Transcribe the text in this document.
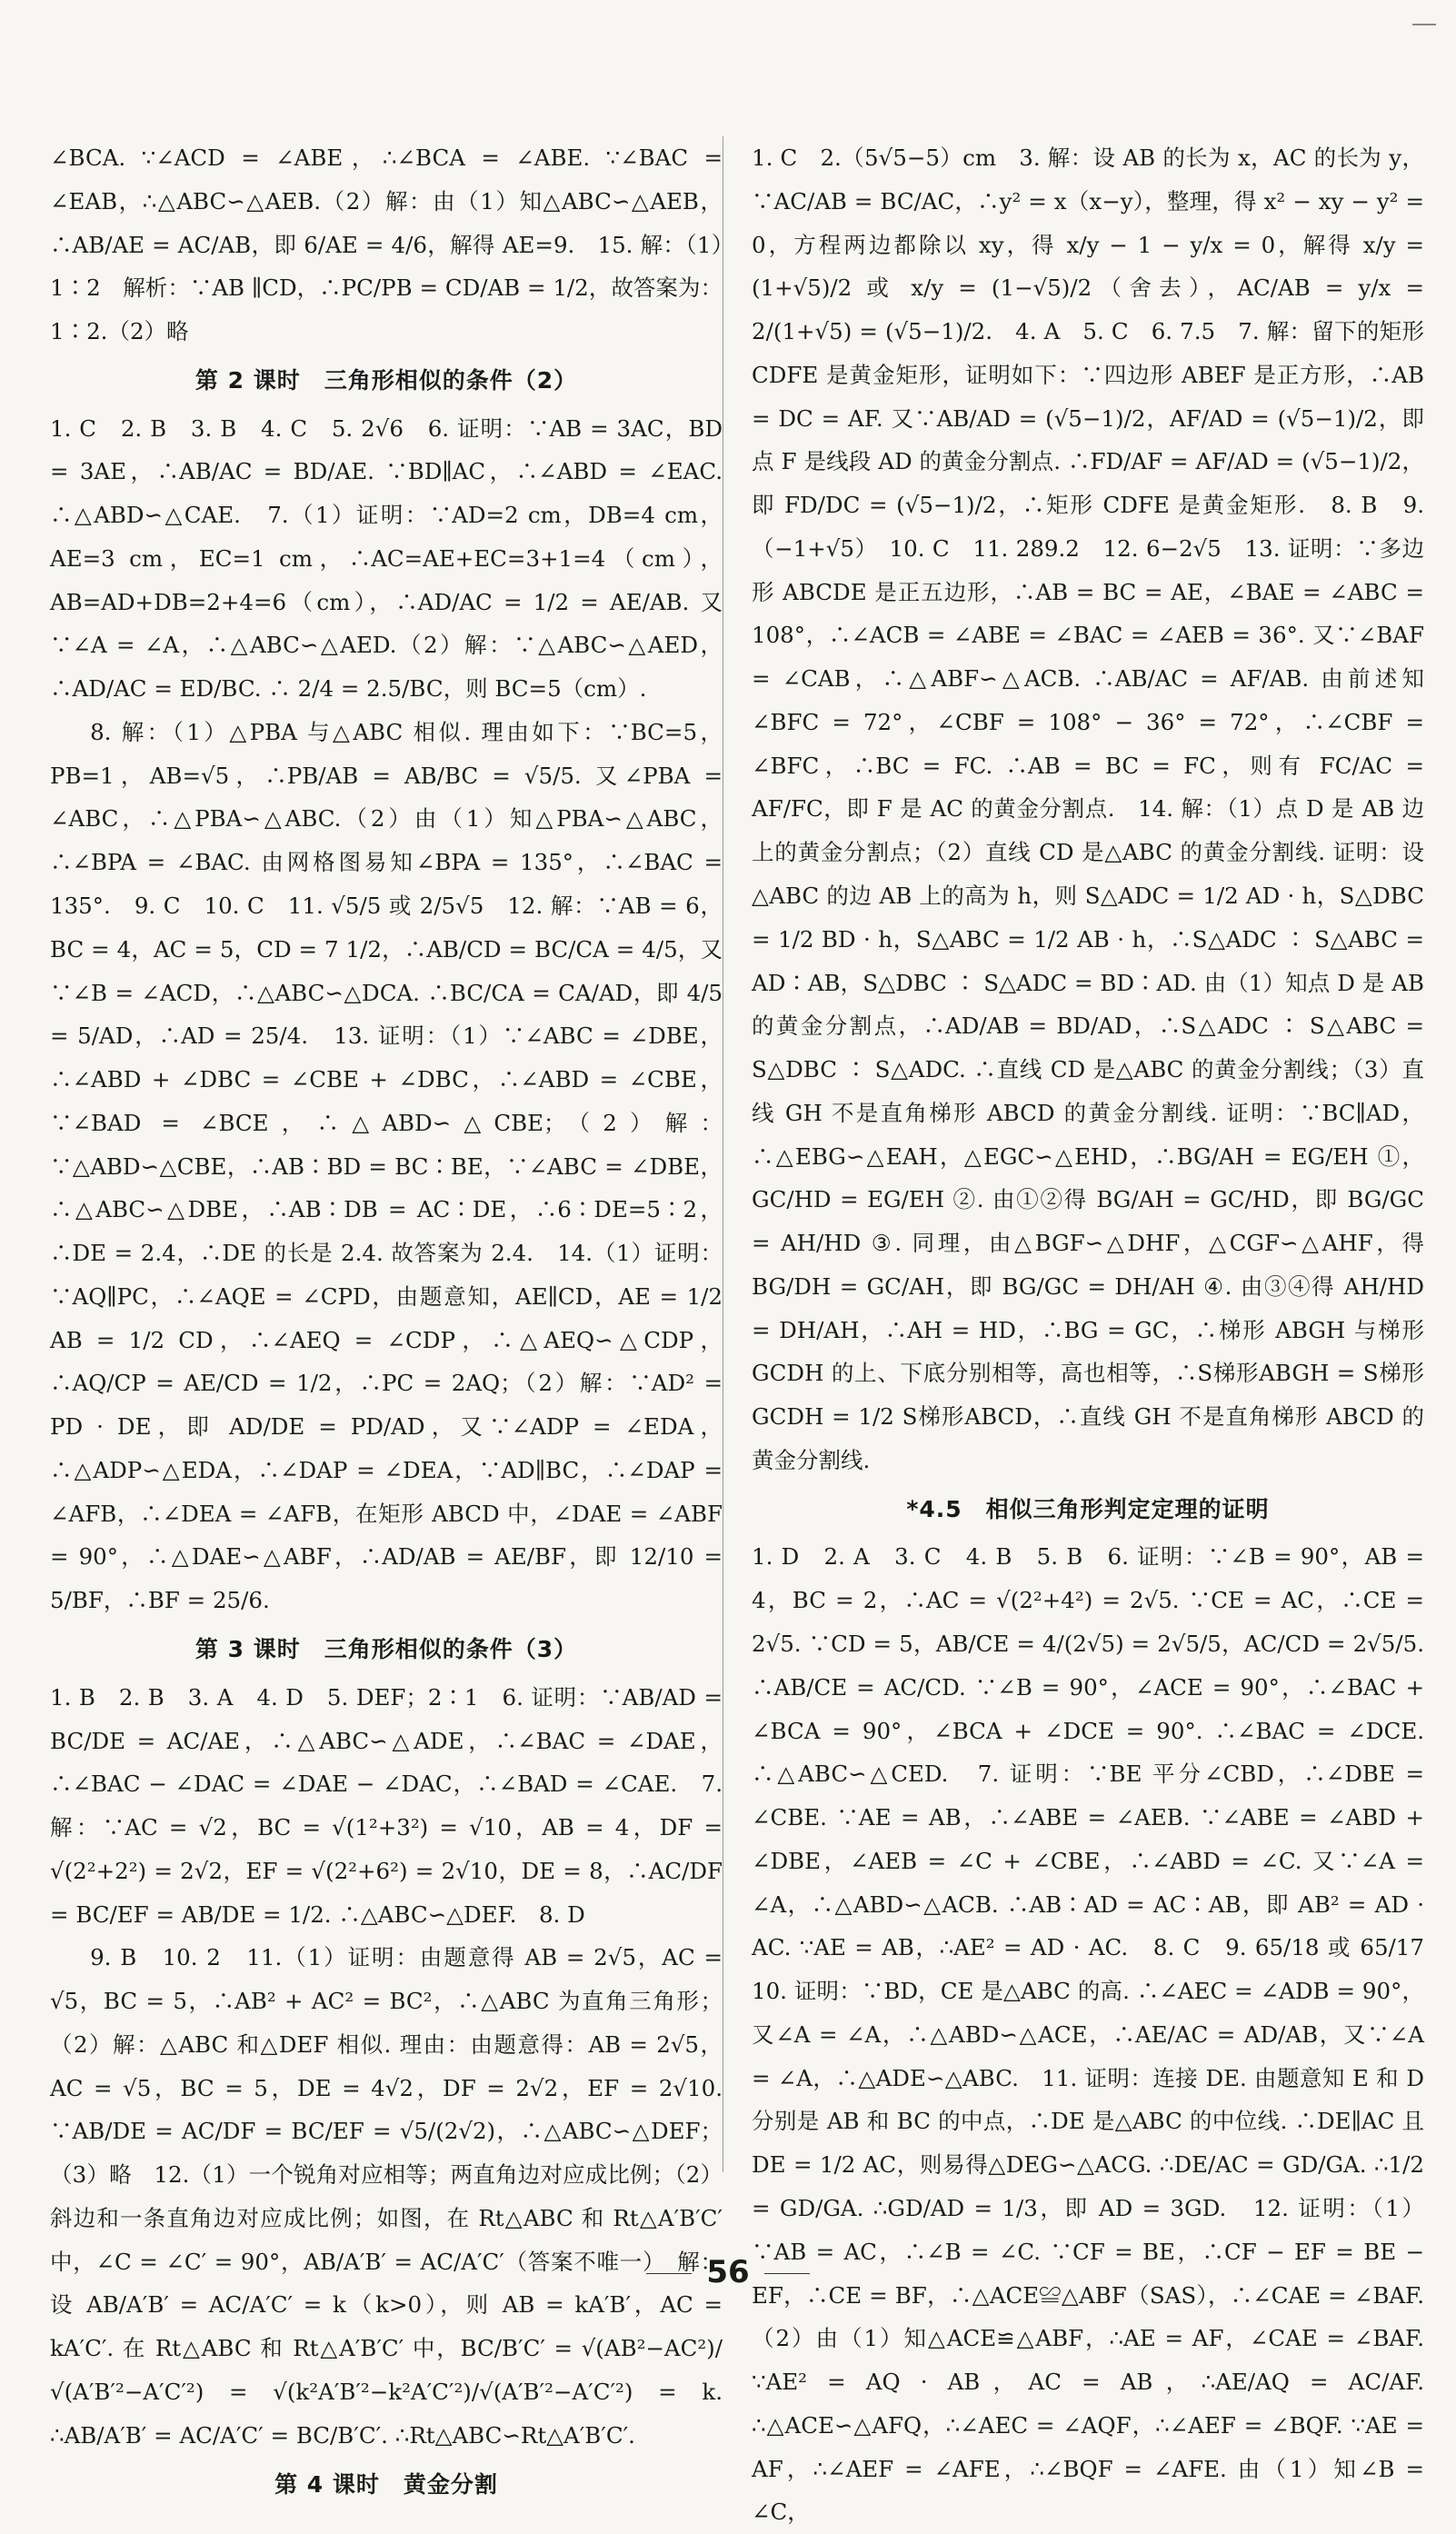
∠BCA. ∵∠ACD = ∠ABE，∴∠BCA = ∠ABE. ∵∠BAC = ∠EAB，∴△ABC∽△AEB.（2）解：由（1）知△ABC∽△AEB，∴AB/AE = AC/AB，即 6/AE = 4/6，解得 AE=9.　15. 解：（1）1∶2　解析：∵AB ∥CD，∴PC/PB = CD/AB = 1/2，故答案为：1∶2.（2）略

第 2 课时　三角形相似的条件（2）

1. C　2. B　3. B　4. C　5. 2√6　6. 证明：∵AB = 3AC，BD = 3AE，∴AB/AC = BD/AE. ∵BD∥AC，∴∠ABD = ∠EAC. ∴△ABD∽△CAE.　7.（1）证明：∵AD=2 cm，DB=4 cm，AE=3 cm，EC=1 cm，∴AC=AE+EC=3+1=4（cm），AB=AD+DB=2+4=6（cm），∴AD/AC = 1/2 = AE/AB. 又∵∠A = ∠A，∴△ABC∽△AED.（2）解：∵△ABC∽△AED，∴AD/AC = ED/BC. ∴ 2/4 = 2.5/BC，则 BC=5（cm）.

8. 解：（1）△PBA 与△ABC 相似. 理由如下：∵BC=5，PB=1，AB=√5，∴PB/AB = AB/BC = √5/5. 又∠PBA = ∠ABC，∴△PBA∽△ABC.（2）由（1）知△PBA∽△ABC，∴∠BPA = ∠BAC. 由网格图易知∠BPA = 135°，∴∠BAC = 135°.　9. C　10. C　11. √5/5 或 2/5√5　12. 解：∵AB = 6，BC = 4，AC = 5，CD = 7 1/2，∴AB/CD = BC/CA = 4/5，又∵∠B = ∠ACD，∴△ABC∽△DCA. ∴BC/CA = CA/AD，即 4/5 = 5/AD，∴AD = 25/4.　13. 证明：（1）∵∠ABC = ∠DBE，∴∠ABD + ∠DBC = ∠CBE + ∠DBC，∴∠ABD = ∠CBE，∵∠BAD = ∠BCE，∴△ABD∽△CBE；（2）解：∵△ABD∽△CBE，∴AB∶BD = BC∶BE，∵∠ABC = ∠DBE，∴△ABC∽△DBE，∴AB∶DB = AC∶DE，∴6∶DE=5∶2，∴DE = 2.4，∴DE 的长是 2.4. 故答案为 2.4.　14.（1）证明：∵AQ∥PC，∴∠AQE = ∠CPD，由题意知，AE∥CD，AE = 1/2 AB = 1/2 CD，∴∠AEQ = ∠CDP，∴△AEQ∽△CDP，∴AQ/CP = AE/CD = 1/2，∴PC = 2AQ；（2）解：∵AD² = PD · DE，即 AD/DE = PD/AD，又∵∠ADP = ∠EDA，∴△ADP∽△EDA，∴∠DAP = ∠DEA，∵AD∥BC，∴∠DAP = ∠AFB，∴∠DEA = ∠AFB，在矩形 ABCD 中，∠DAE = ∠ABF = 90°，∴△DAE∽△ABF，∴AD/AB = AE/BF，即 12/10 = 5/BF，∴BF = 25/6.

第 3 课时　三角形相似的条件（3）

1. B　2. B　3. A　4. D　5. DEF；2∶1　6. 证明：∵AB/AD = BC/DE = AC/AE，∴△ABC∽△ADE，∴∠BAC = ∠DAE，∴∠BAC − ∠DAC = ∠DAE − ∠DAC，∴∠BAD = ∠CAE.　7. 解：∵AC = √2，BC = √(1²+3²) = √10，AB = 4，DF = √(2²+2²) = 2√2，EF = √(2²+6²) = 2√10，DE = 8，∴AC/DF = BC/EF = AB/DE = 1/2. ∴△ABC∽△DEF.　8. D

9. B　10. 2　11.（1）证明：由题意得 AB = 2√5，AC = √5，BC = 5，∴AB² + AC² = BC²，∴△ABC 为直角三角形；（2）解：△ABC 和△DEF 相似. 理由：由题意得：AB = 2√5，AC = √5，BC = 5，DE = 4√2，DF = 2√2，EF = 2√10. ∵AB/DE = AC/DF = BC/EF = √5/(2√2)，∴△ABC∽△DEF；（3）略　12.（1）一个锐角对应相等；两直角边对应成比例；（2）斜边和一条直角边对应成比例；如图，在 Rt△ABC 和 Rt△A′B′C′ 中，∠C = ∠C′ = 90°，AB/A′B′ = AC/A′C′（答案不唯一）　解：设 AB/A′B′ = AC/A′C′ = k（k>0），则 AB = kA′B′，AC = kA′C′. 在 Rt△ABC 和 Rt△A′B′C′ 中，BC/B′C′ = √(AB²−AC²)/√(A′B′²−A′C′²) = √(k²A′B′²−k²A′C′²)/√(A′B′²−A′C′²) = k. ∴AB/A′B′ = AC/A′C′ = BC/B′C′. ∴Rt△ABC∽Rt△A′B′C′.

第 4 课时　黄金分割

1. C　2.（5√5−5）cm　3. 解：设 AB 的长为 x，AC 的长为 y，∵AC/AB = BC/AC，∴y² = x（x−y），整理，得 x² − xy − y² = 0，方程两边都除以 xy，得 x/y − 1 − y/x = 0，解得 x/y = (1+√5)/2 或 x/y = (1−√5)/2（舍去），AC/AB = y/x = 2/(1+√5) = (√5−1)/2.　4. A　5. C　6. 7.5　7. 解：留下的矩形 CDFE 是黄金矩形，证明如下：∵四边形 ABEF 是正方形，∴AB = DC = AF. 又∵AB/AD = (√5−1)/2，AF/AD = (√5−1)/2，即点 F 是线段 AD 的黄金分割点. ∴FD/AF = AF/AD = (√5−1)/2，即 FD/DC = (√5−1)/2，∴矩形 CDFE 是黄金矩形.　8. B　9.（−1+√5）　10. C　11. 289.2　12. 6−2√5　13. 证明：∵多边形 ABCDE 是正五边形，∴AB = BC = AE，∠BAE = ∠ABC = 108°，∴∠ACB = ∠ABE = ∠BAC = ∠AEB = 36°. 又∵∠BAF = ∠CAB，∴△ABF∽△ACB. ∴AB/AC = AF/AB. 由前述知∠BFC = 72°，∠CBF = 108° − 36° = 72°，∴∠CBF = ∠BFC，∴BC = FC. ∴AB = BC = FC，则有 FC/AC = AF/FC，即 F 是 AC 的黄金分割点.　14. 解：（1）点 D 是 AB 边上的黄金分割点；（2）直线 CD 是△ABC 的黄金分割线. 证明：设△ABC 的边 AB 上的高为 h，则 S△ADC = 1/2 AD · h，S△DBC = 1/2 BD · h，S△ABC = 1/2 AB · h，∴S△ADC ∶ S△ABC = AD∶AB，S△DBC ∶ S△ADC = BD∶AD. 由（1）知点 D 是 AB 的黄金分割点，∴AD/AB = BD/AD，∴S△ADC ∶ S△ABC = S△DBC ∶ S△ADC. ∴直线 CD 是△ABC 的黄金分割线；（3）直线 GH 不是直角梯形 ABCD 的黄金分割线. 证明：∵BC∥AD，∴△EBG∽△EAH，△EGC∽△EHD，∴BG/AH = EG/EH ①，GC/HD = EG/EH ②. 由①②得 BG/AH = GC/HD，即 BG/GC = AH/HD ③. 同理，由△BGF∽△DHF，△CGF∽△AHF，得 BG/DH = GC/AH，即 BG/GC = DH/AH ④. 由③④得 AH/HD = DH/AH，∴AH = HD，∴BG = GC，∴梯形 ABGH 与梯形 GCDH 的上、下底分别相等，高也相等，∴S梯形ABGH = S梯形GCDH = 1/2 S梯形ABCD，∴直线 GH 不是直角梯形 ABCD 的黄金分割线.

*4.5　相似三角形判定定理的证明

1. D　2. A　3. C　4. B　5. B　6. 证明：∵∠B = 90°，AB = 4，BC = 2，∴AC = √(2²+4²) = 2√5. ∵CE = AC，∴CE = 2√5. ∵CD = 5，AB/CE = 4/(2√5) = 2√5/5，AC/CD = 2√5/5. ∴AB/CE = AC/CD. ∵∠B = 90°，∠ACE = 90°，∴∠BAC + ∠BCA = 90°，∠BCA + ∠DCE = 90°. ∴∠BAC = ∠DCE. ∴△ABC∽△CED.　7. 证明：∵BE 平分∠CBD，∴∠DBE = ∠CBE. ∵AE = AB，∴∠ABE = ∠AEB. ∵∠ABE = ∠ABD + ∠DBE，∠AEB = ∠C + ∠CBE，∴∠ABD = ∠C. 又∵∠A = ∠A，∴△ABD∽△ACB. ∴AB∶AD = AC∶AB，即 AB² = AD · AC. ∵AE = AB，∴AE² = AD · AC.　8. C　9. 65/18 或 65/17　10. 证明：∵BD，CE 是△ABC 的高. ∴∠AEC = ∠ADB = 90°，又∠A = ∠A，∴△ABD∽△ACE，∴AE/AC = AD/AB，又∵∠A = ∠A，∴△ADE∽△ABC.　11. 证明：连接 DE. 由题意知 E 和 D 分别是 AB 和 BC 的中点，∴DE 是△ABC 的中位线. ∴DE∥AC 且 DE = 1/2 AC，则易得△DEG∽△ACG. ∴DE/AC = GD/GA. ∴1/2 = GD/GA. ∴GD/AD = 1/3，即 AD = 3GD.　12. 证明：（1）∵AB = AC，∴∠B = ∠C. ∵CF = BE，∴CF − EF = BE − EF，∴CE = BF，∴△ACE≌△ABF（SAS），∴∠CAE = ∠BAF.（2）由（1）知△ACE≌△ABF，∴AE = AF，∠CAE = ∠BAF. ∵AE² = AQ · AB，AC = AB，∴AE/AQ = AC/AF. ∴△ACE∽△AFQ，∴∠AEC = ∠AQF，∴∠AEF = ∠BQF. ∵AE = AF，∴∠AEF = ∠AFE，∴∠BQF = ∠AFE. 由（1）知∠B = ∠C，

56
